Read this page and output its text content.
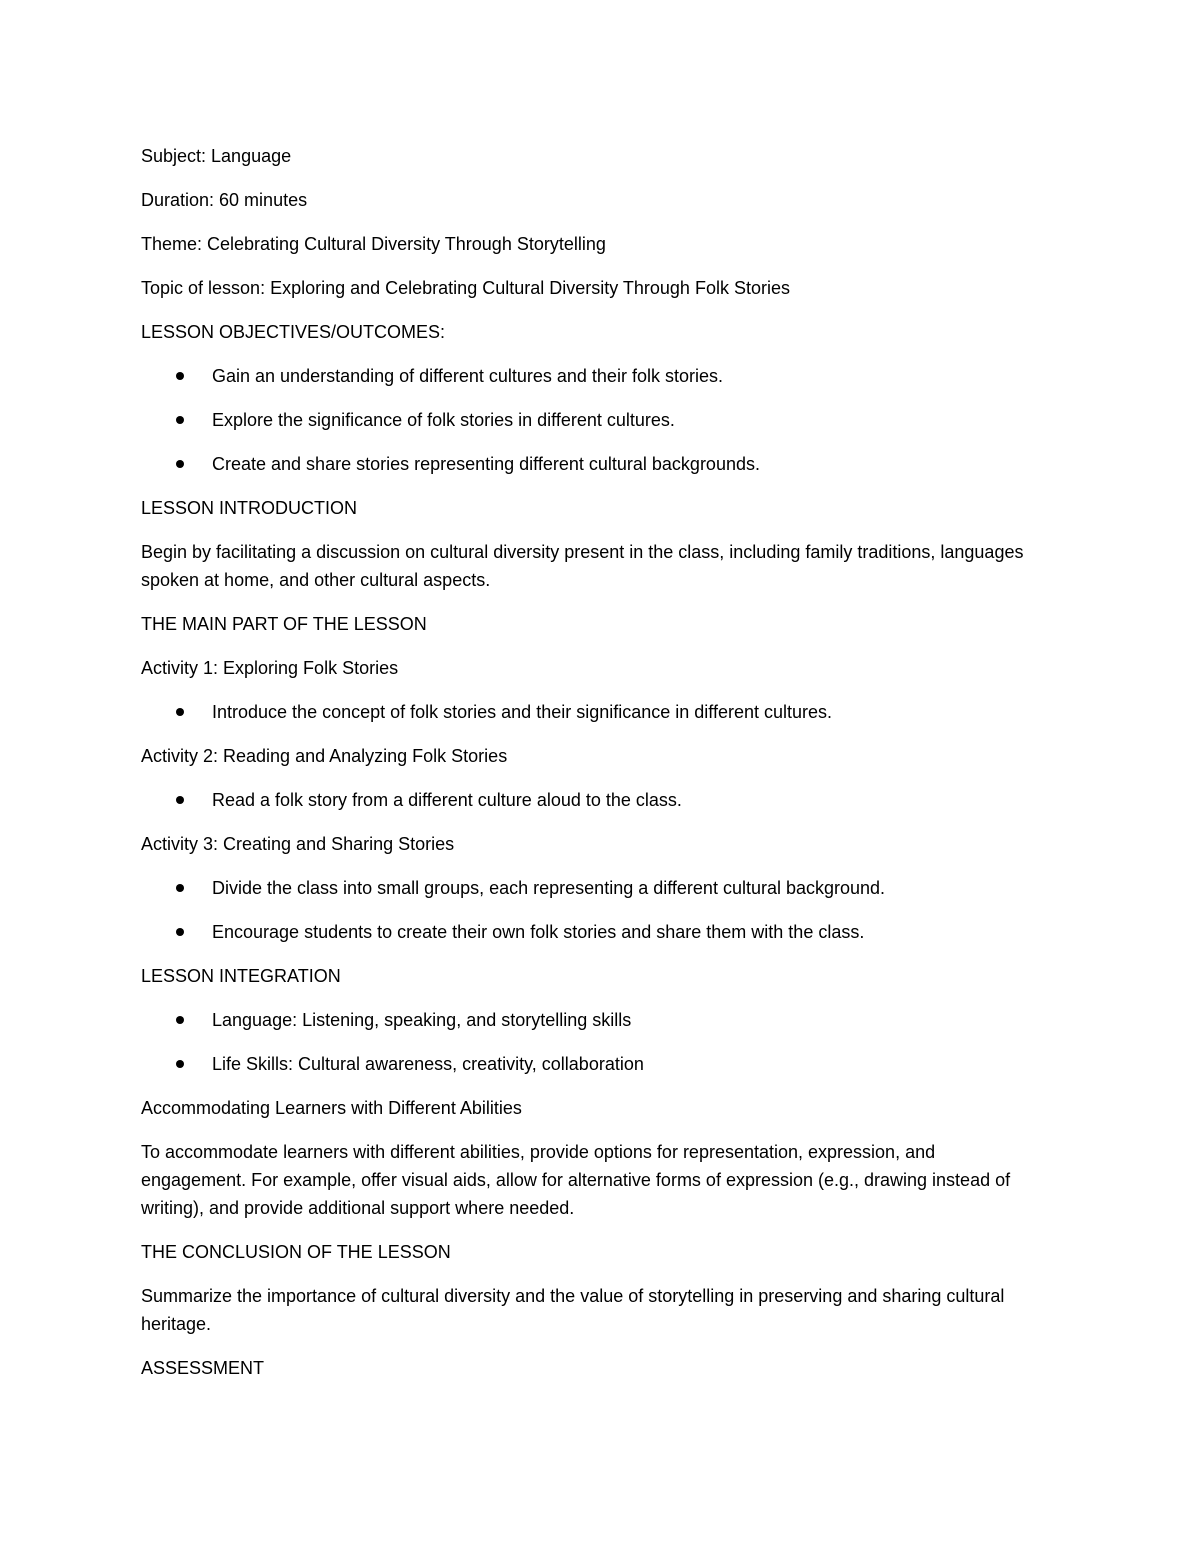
Subject: Language

Duration: 60 minutes

Theme: Celebrating Cultural Diversity Through Storytelling

Topic of lesson: Exploring and Celebrating Cultural Diversity Through Folk Stories

LESSON OBJECTIVES/OUTCOMES:

Gain an understanding of different cultures and their folk stories.
Explore the significance of folk stories in different cultures.
Create and share stories representing different cultural backgrounds.

LESSON INTRODUCTION

Begin by facilitating a discussion on cultural diversity present in the class, including family traditions, languages spoken at home, and other cultural aspects.

THE MAIN PART OF THE LESSON

Activity 1: Exploring Folk Stories

Introduce the concept of folk stories and their significance in different cultures.

Activity 2: Reading and Analyzing Folk Stories

Read a folk story from a different culture aloud to the class.

Activity 3: Creating and Sharing Stories

Divide the class into small groups, each representing a different cultural background.
Encourage students to create their own folk stories and share them with the class.

LESSON INTEGRATION

Language: Listening, speaking, and storytelling skills
Life Skills: Cultural awareness, creativity, collaboration

Accommodating Learners with Different Abilities

To accommodate learners with different abilities, provide options for representation, expression, and engagement. For example, offer visual aids, allow for alternative forms of expression (e.g., drawing instead of writing), and provide additional support where needed.

THE CONCLUSION OF THE LESSON

Summarize the importance of cultural diversity and the value of storytelling in preserving and sharing cultural heritage.

ASSESSMENT
